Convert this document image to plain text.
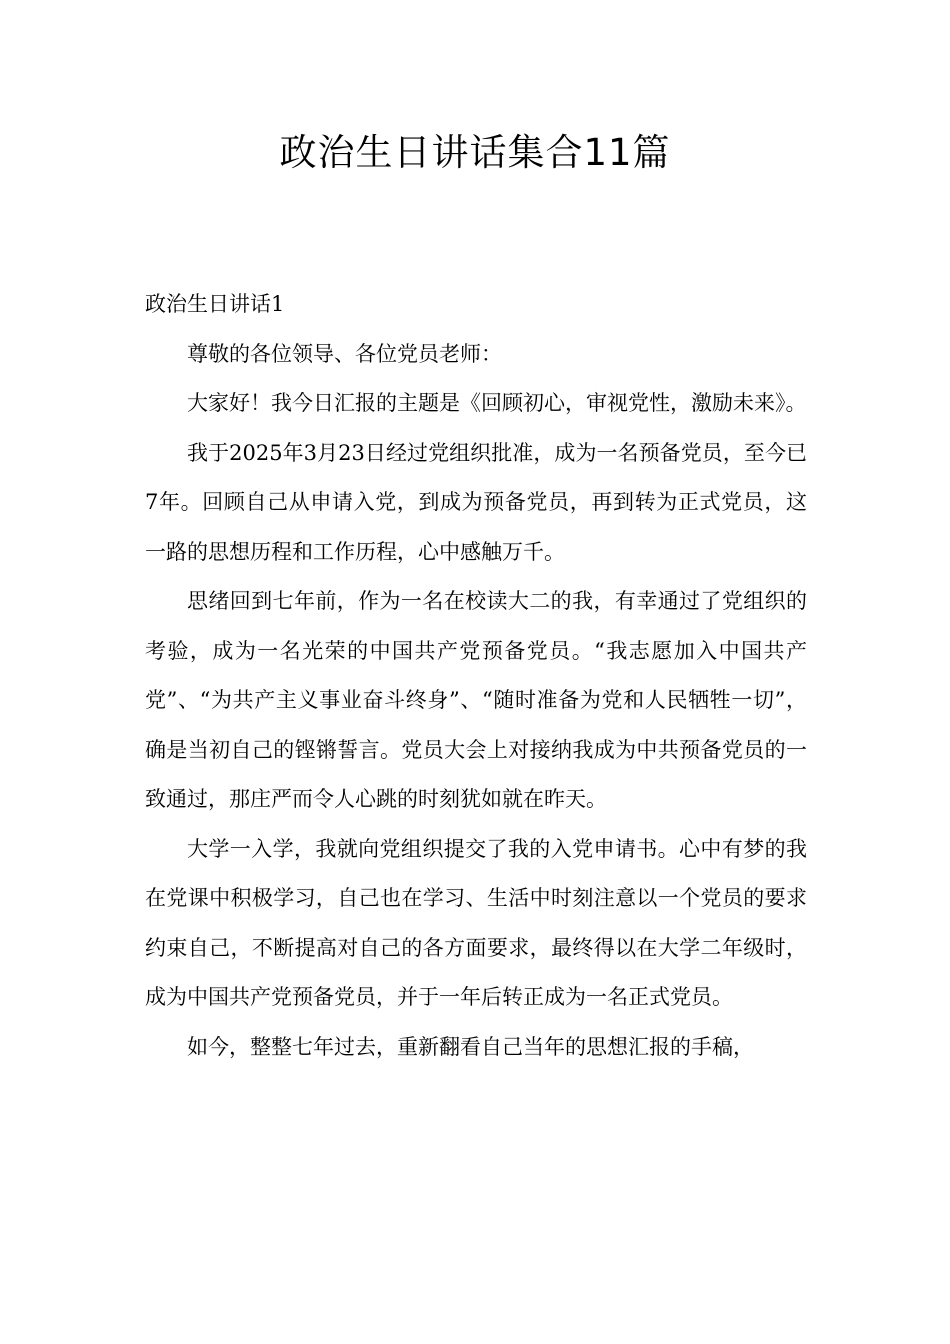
政治生日讲话集合11篇

政治生日讲话1

尊敬的各位领导、各位党员老师：

大家好！我今日汇报的主题是《回顾初心，审视党性，激励未来》。

我于2025年3月23日经过党组织批准，成为一名预备党员，至今已7年。回顾自己从申请入党，到成为预备党员，再到转为正式党员，这一路的思想历程和工作历程，心中感触万千。

思绪回到七年前，作为一名在校读大二的我，有幸通过了党组织的考验，成为一名光荣的中国共产党预备党员。“我志愿加入中国共产党”、“为共产主义事业奋斗终身”、“随时准备为党和人民牺牲一切”，确是当初自己的铿锵誓言。党员大会上对接纳我成为中共预备党员的一致通过，那庄严而令人心跳的时刻犹如就在昨天。

大学一入学，我就向党组织提交了我的入党申请书。心中有梦的我在党课中积极学习，自己也在学习、生活中时刻注意以一个党员的要求约束自己，不断提高对自己的各方面要求，最终得以在大学二年级时，成为中国共产党预备党员，并于一年后转正成为一名正式党员。

如今，整整七年过去，重新翻看自己当年的思想汇报的手稿，
